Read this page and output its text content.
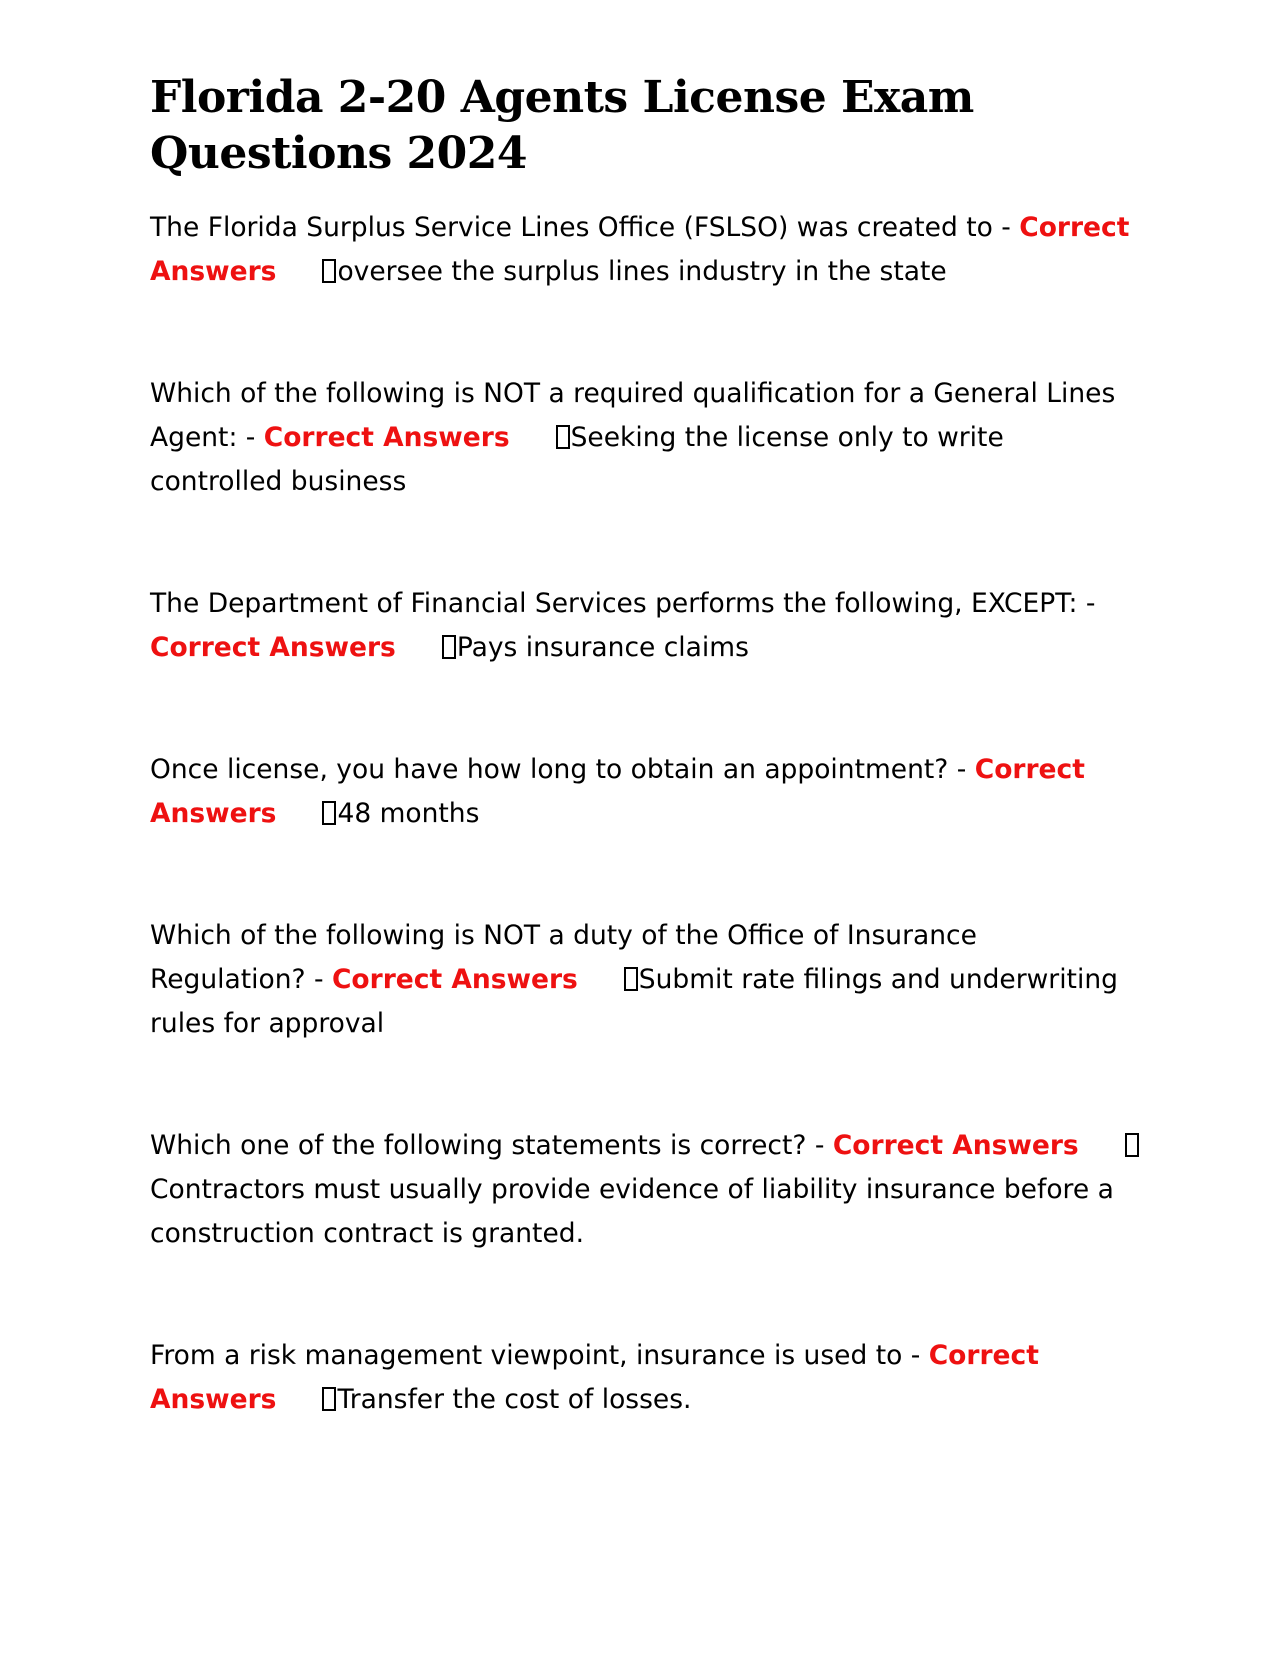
Florida 2-20 Agents License Exam Questions 2024

The Florida Surplus Service Lines Office (FSLSO) was created to - Correct Answers oversee the surplus lines industry in the state

Which of the following is NOT a required qualification for a General Lines Agent: - Correct Answers Seeking the license only to write controlled business

The Department of Financial Services performs the following, EXCEPT: - Correct Answers Pays insurance claims

Once license, you have how long to obtain an appointment? - Correct Answers 48 months

Which of the following is NOT a duty of the Office of Insurance Regulation? - Correct Answers Submit rate filings and underwriting rules for approval

Which one of the following statements is correct? - Correct AnswersContractors must usually provide evidence of liability insurance before a construction contract is granted.

From a risk management viewpoint, insurance is used to - Correct Answers Transfer the cost of losses.
